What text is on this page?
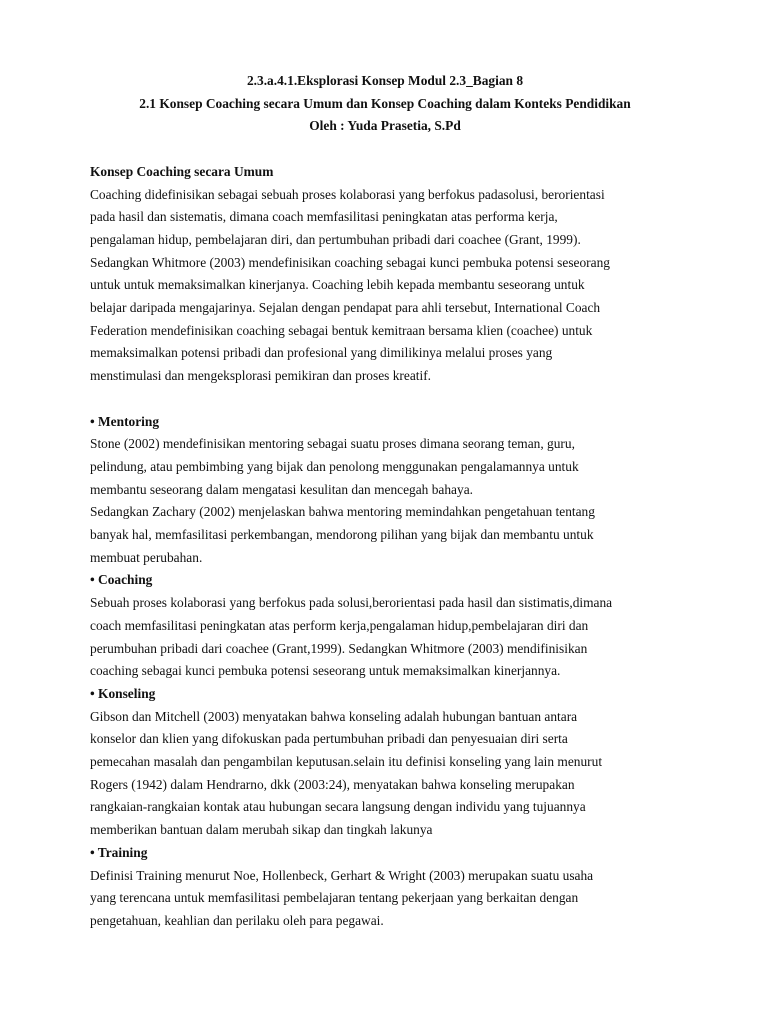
2.3.a.4.1.Eksplorasi Konsep Modul 2.3_Bagian 8

2.1 Konsep Coaching secara Umum dan Konsep Coaching dalam Konteks Pendidikan

Oleh : Yuda Prasetia, S.Pd

Konsep Coaching secara Umum

Coaching didefinisikan sebagai sebuah proses kolaborasi yang berfokus padasolusi, berorientasi
pada hasil dan sistematis, dimana coach memfasilitasi peningkatan atas performa kerja,
pengalaman hidup, pembelajaran diri, dan pertumbuhan pribadi dari coachee (Grant, 1999).
Sedangkan Whitmore (2003) mendefinisikan coaching sebagai kunci pembuka potensi seseorang
untuk untuk memaksimalkan kinerjanya. Coaching lebih kepada membantu seseorang untuk
belajar daripada mengajarinya. Sejalan dengan pendapat para ahli tersebut, International Coach
Federation mendefinisikan coaching sebagai bentuk kemitraan bersama klien (coachee) untuk
memaksimalkan potensi pribadi dan profesional yang dimilikinya melalui proses yang
menstimulasi dan mengeksplorasi pemikiran dan proses kreatif.

• Mentoring

Stone (2002) mendefinisikan mentoring sebagai suatu proses dimana seorang teman, guru,
pelindung, atau pembimbing yang bijak dan penolong menggunakan pengalamannya untuk
membantu seseorang dalam mengatasi kesulitan dan mencegah bahaya.
Sedangkan Zachary (2002) menjelaskan bahwa mentoring memindahkan pengetahuan tentang
banyak hal, memfasilitasi perkembangan, mendorong pilihan yang bijak dan membantu untuk
membuat perubahan.

• Coaching

Sebuah proses kolaborasi yang berfokus pada solusi,berorientasi pada hasil dan sistimatis,dimana
coach memfasilitasi peningkatan atas perform kerja,pengalaman hidup,pembelajaran diri dan
perumbuhan pribadi dari coachee (Grant,1999). Sedangkan Whitmore (2003) mendifinisikan
coaching sebagai kunci pembuka potensi seseorang untuk memaksimalkan kinerjannya.

• Konseling

Gibson dan Mitchell (2003) menyatakan bahwa konseling adalah hubungan bantuan antara
konselor dan klien yang difokuskan pada pertumbuhan pribadi dan penyesuaian diri serta
pemecahan masalah dan pengambilan keputusan.selain itu definisi konseling yang lain menurut
Rogers (1942) dalam Hendrarno, dkk (2003:24), menyatakan bahwa konseling merupakan
rangkaian-rangkaian kontak atau hubungan secara langsung dengan individu yang tujuannya
memberikan bantuan dalam merubah sikap dan tingkah lakunya

• Training

Definisi Training menurut Noe, Hollenbeck, Gerhart & Wright (2003) merupakan suatu usaha
yang terencana untuk memfasilitasi pembelajaran tentang pekerjaan yang berkaitan dengan
pengetahuan, keahlian dan perilaku oleh para pegawai.
